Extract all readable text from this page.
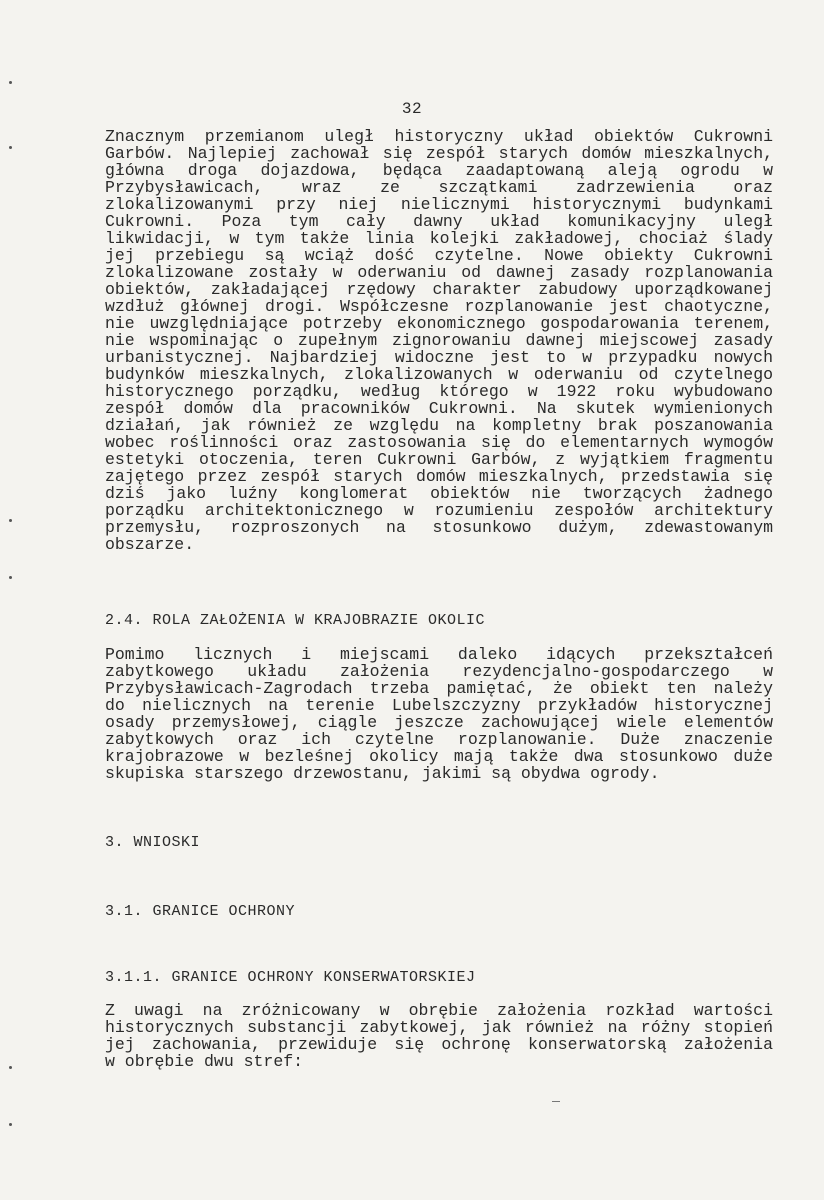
32
Znacznym przemianom uległ historyczny układ obiektów Cukrowni
Garbów. Najlepiej zachował się zespół starych domów mieszkalnych,
główna droga dojazdowa, będąca zaadaptowaną aleją ogrodu w
Przybysławicach, wraz ze szczątkami zadrzewienia oraz
zlokalizowanymi przy niej nielicznymi historycznymi budynkami
Cukrowni. Poza tym cały dawny układ komunikacyjny uległ
likwidacji, w tym także linia kolejki zakładowej, chociaż ślady
jej przebiegu są wciąż dość czytelne. Nowe obiekty Cukrowni
zlokalizowane zostały w oderwaniu od dawnej zasady rozplanowania
obiektów, zakładającej rzędowy charakter zabudowy uporządkowanej
wzdłuż głównej drogi. Współczesne rozplanowanie jest chaotyczne,
nie uwzględniające potrzeby ekonomicznego gospodarowania terenem,
nie wspominając o zupełnym zignorowaniu dawnej miejscowej zasady
urbanistycznej. Najbardziej widoczne jest to w przypadku nowych
budynków mieszkalnych, zlokalizowanych w oderwaniu od czytelnego
historycznego porządku, według którego w 1922 roku wybudowano
zespół domów dla pracowników Cukrowni. Na skutek wymienionych
działań, jak również ze względu na kompletny brak poszanowania
wobec roślinności oraz zastosowania się do elementarnych wymogów
estetyki otoczenia, teren Cukrowni Garbów, z wyjątkiem fragmentu
zajętego przez zespół starych domów mieszkalnych, przedstawia się
dziś jako luźny konglomerat obiektów nie tworzących żadnego
porządku architektonicznego w rozumieniu zespołów architektury
przemysłu, rozproszonych na stosunkowo dużym, zdewastowanym
obszarze.
2.4. ROLA ZAŁOŻENIA W KRAJOBRAZIE OKOLIC
Pomimo licznych i miejscami daleko idących przekształceń
zabytkowego układu założenia rezydencjalno-gospodarczego w
Przybysławicach-Zagrodach trzeba pamiętać, że obiekt ten należy
do nielicznych na terenie Lubelszczyzny przykładów historycznej
osady przemysłowej, ciągle jeszcze zachowującej wiele elementów
zabytkowych oraz ich czytelne rozplanowanie. Duże znaczenie
krajobrazowe w bezleśnej okolicy mają także dwa stosunkowo duże
skupiska starszego drzewostanu, jakimi są obydwa ogrody.
3. WNIOSKI
3.1. GRANICE OCHRONY
3.1.1. GRANICE OCHRONY KONSERWATORSKIEJ
Z uwagi na zróżnicowany w obrębie założenia rozkład wartości
historycznych substancji zabytkowej, jak również na różny stopień
jej zachowania, przewiduje się ochronę konserwatorską założenia
w obrębie dwu stref:
